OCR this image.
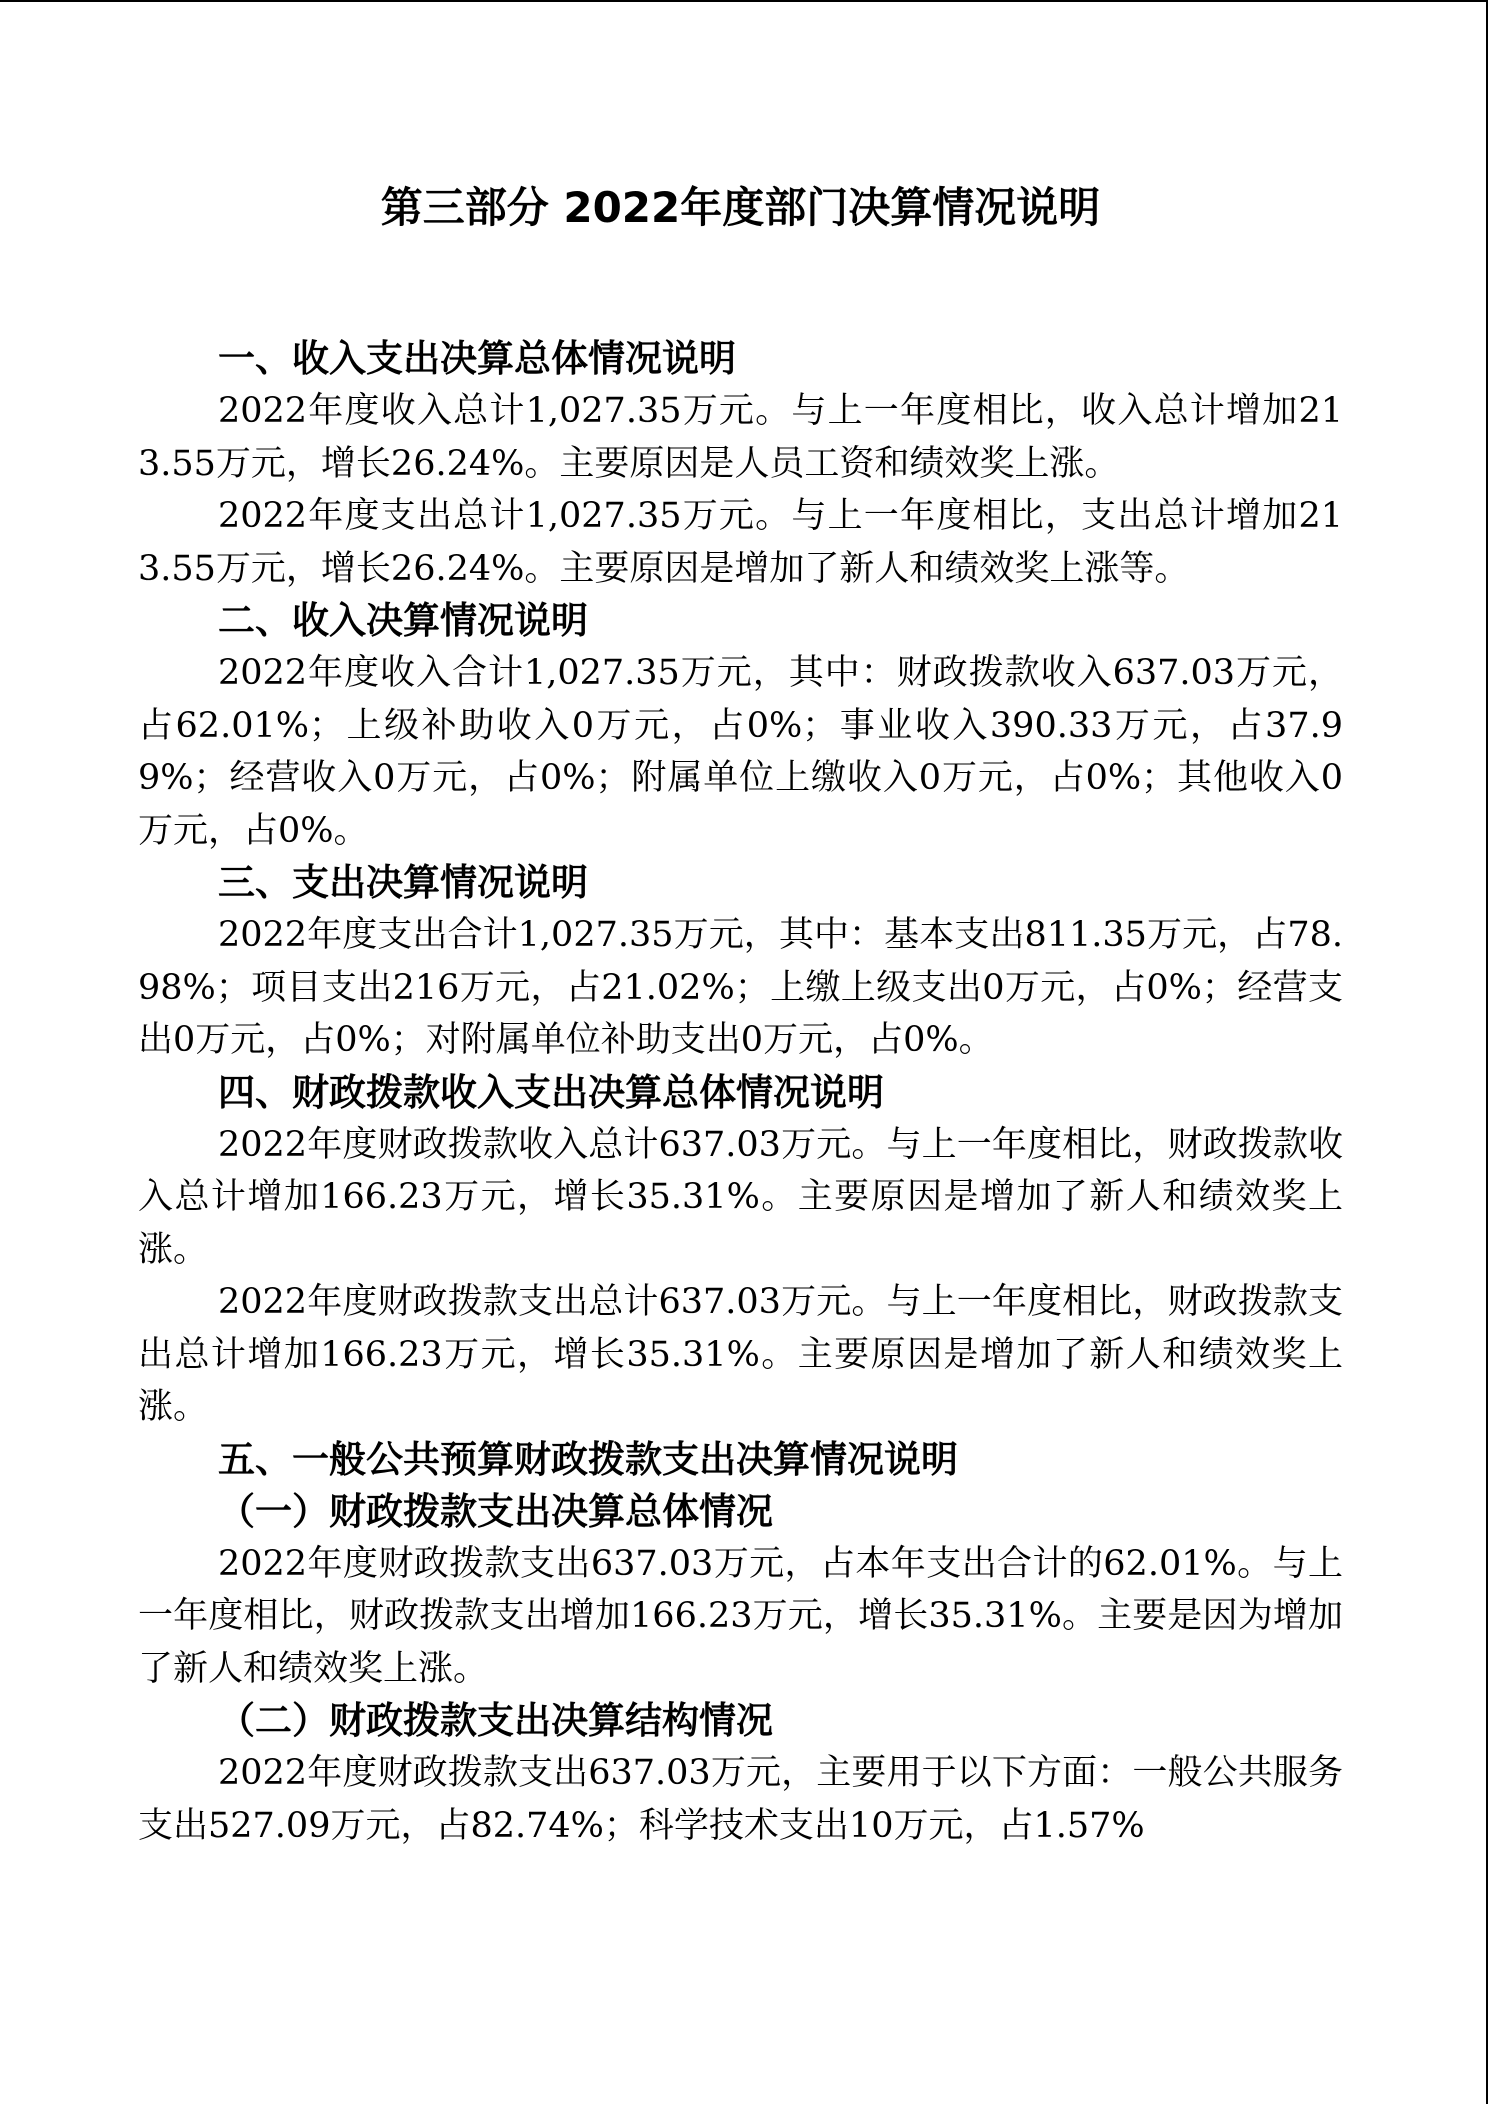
第三部分 2022年度部门决算情况说明

一、收入支出决算总体情况说明

2022年度收入总计1,027.35万元。与上一年度相比，收入总计增加213.55万元，增长26.24%。主要原因是人员工资和绩效奖上涨。

2022年度支出总计1,027.35万元。与上一年度相比，支出总计增加213.55万元，增长26.24%。主要原因是增加了新人和绩效奖上涨等。

二、收入决算情况说明

2022年度收入合计1,027.35万元，其中：财政拨款收入637.03万元，占62.01%；上级补助收入0万元，占0%；事业收入390.33万元，占37.99%；经营收入0万元，占0%；附属单位上缴收入0万元，占0%；其他收入0万元，占0%。

三、支出决算情况说明

2022年度支出合计1,027.35万元，其中：基本支出811.35万元，占78.98%；项目支出216万元，占21.02%；上缴上级支出0万元，占0%；经营支出0万元，占0%；对附属单位补助支出0万元，占0%。

四、财政拨款收入支出决算总体情况说明

2022年度财政拨款收入总计637.03万元。与上一年度相比，财政拨款收入总计增加166.23万元，增长35.31%。主要原因是增加了新人和绩效奖上涨。

2022年度财政拨款支出总计637.03万元。与上一年度相比，财政拨款支出总计增加166.23万元，增长35.31%。主要原因是增加了新人和绩效奖上涨。

五、一般公共预算财政拨款支出决算情况说明

（一）财政拨款支出决算总体情况

2022年度财政拨款支出637.03万元，占本年支出合计的62.01%。与上一年度相比，财政拨款支出增加166.23万元，增长35.31%。主要是因为增加了新人和绩效奖上涨。

（二）财政拨款支出决算结构情况

2022年度财政拨款支出637.03万元，主要用于以下方面：一般公共服务支出527.09万元，占82.74%；科学技术支出10万元，占1.57%
